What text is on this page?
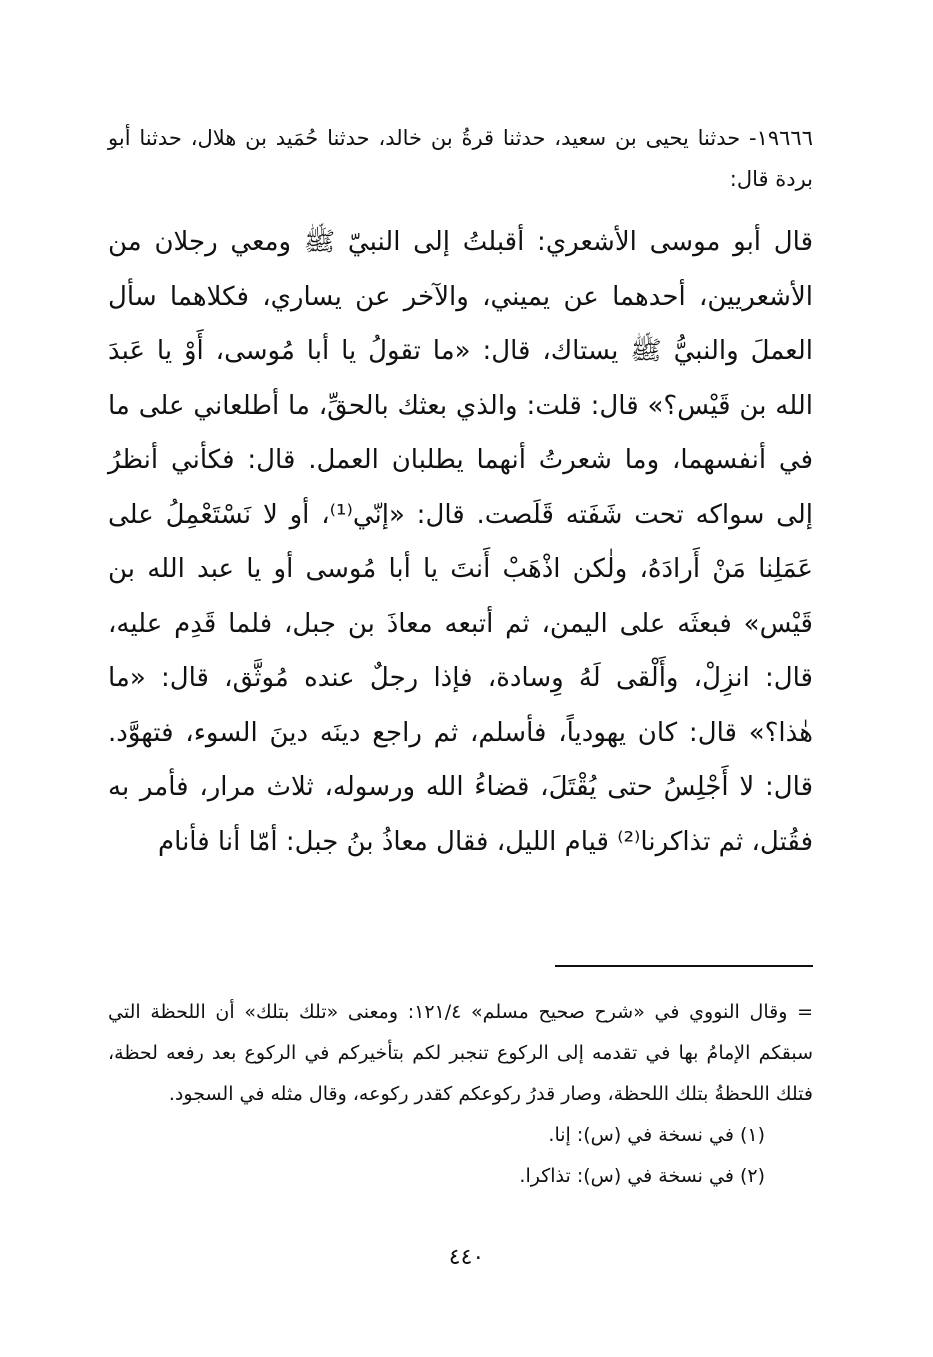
١٩٦٦٦- حدثنا يحيى بن سعيد، حدثنا قرةُ بن خالد، حدثنا حُمَيد بن هلال، حدثنا أبو بردة قال:

قال أبو موسى الأشعري: أقبلتُ إلى النبيّ ﷺ ومعي رجلان من الأشعريين، أحدهما عن يميني، والآخر عن يساري، فكلاهما سأل العملَ والنبيُّ ﷺ يستاك، قال: «ما تقولُ يا أبا مُوسى، أَوْ يا عَبدَ الله بن قَيْس؟» قال: قلت: والذي بعثك بالحقِّ، ما أطلعاني على ما في أنفسهما، وما شعرتُ أنهما يطلبان العمل. قال: فكأني أنظرُ إلى سواكه تحت شَفَته قَلَصت. قال: «إنّي⁽¹⁾، أو لا نَسْتَعْمِلُ على عَمَلِنا مَنْ أَرادَهُ، ولٰكن اذْهَبْ أَنتَ يا أبا مُوسى أو يا عبد الله بن قَيْس» فبعثَه على اليمن، ثم أتبعه معاذَ بن جبل، فلما قَدِم عليه، قال: انزِلْ، وأَلْقى لَهُ وِسادة، فإذا رجلٌ عنده مُوثَّق، قال: «ما هٰذا؟» قال: كان يهودياً، فأسلم، ثم راجع دينَه دينَ السوء، فتهوَّد. قال: لا أَجْلِسُ حتى يُقْتَلَ، قضاءُ الله ورسوله، ثلاث مرار، فأمر به فقُتل، ثم تذاكرنا⁽²⁾ قيام الليل، فقال معاذُ بنُ جبل: أمّا أنا فأنام

= وقال النووي في «شرح صحيح مسلم» ١٢١/٤: ومعنى «تلك بتلك» أن اللحظة التي سبقكم الإمامُ بها في تقدمه إلى الركوع تنجبر لكم بتأخيركم في الركوع بعد رفعه لحظة، فتلك اللحظةُ بتلك اللحظة، وصار قدرُ ركوعكم كقدر ركوعه، وقال مثله في السجود.

(١) في نسخة في (س): إنا.

(٢) في نسخة في (س): تذاكرا.

٤٤٠
